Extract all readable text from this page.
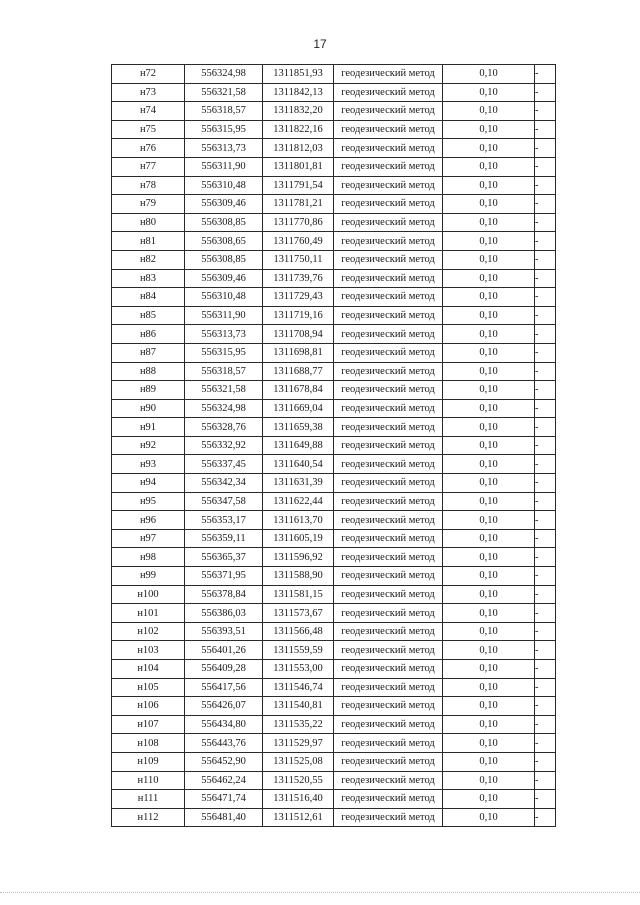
17
н72	556324,98	1311851,93	геодезический метод	0,10	-
н73	556321,58	1311842,13	геодезический метод	0,10	-
н74	556318,57	1311832,20	геодезический метод	0,10	-
н75	556315,95	1311822,16	геодезический метод	0,10	-
н76	556313,73	1311812,03	геодезический метод	0,10	-
н77	556311,90	1311801,81	геодезический метод	0,10	-
н78	556310,48	1311791,54	геодезический метод	0,10	-
н79	556309,46	1311781,21	геодезический метод	0,10	-
н80	556308,85	1311770,86	геодезический метод	0,10	-
н81	556308,65	1311760,49	геодезический метод	0,10	-
н82	556308,85	1311750,11	геодезический метод	0,10	-
н83	556309,46	1311739,76	геодезический метод	0,10	-
н84	556310,48	1311729,43	геодезический метод	0,10	-
н85	556311,90	1311719,16	геодезический метод	0,10	-
н86	556313,73	1311708,94	геодезический метод	0,10	-
н87	556315,95	1311698,81	геодезический метод	0,10	-
н88	556318,57	1311688,77	геодезический метод	0,10	-
н89	556321,58	1311678,84	геодезический метод	0,10	-
н90	556324,98	1311669,04	геодезический метод	0,10	-
н91	556328,76	1311659,38	геодезический метод	0,10	-
н92	556332,92	1311649,88	геодезический метод	0,10	-
н93	556337,45	1311640,54	геодезический метод	0,10	-
н94	556342,34	1311631,39	геодезический метод	0,10	-
н95	556347,58	1311622,44	геодезический метод	0,10	-
н96	556353,17	1311613,70	геодезический метод	0,10	-
н97	556359,11	1311605,19	геодезический метод	0,10	-
н98	556365,37	1311596,92	геодезический метод	0,10	-
н99	556371,95	1311588,90	геодезический метод	0,10	-
н100	556378,84	1311581,15	геодезический метод	0,10	-
н101	556386,03	1311573,67	геодезический метод	0,10	-
н102	556393,51	1311566,48	геодезический метод	0,10	-
н103	556401,26	1311559,59	геодезический метод	0,10	-
н104	556409,28	1311553,00	геодезический метод	0,10	-
н105	556417,56	1311546,74	геодезический метод	0,10	-
н106	556426,07	1311540,81	геодезический метод	0,10	-
н107	556434,80	1311535,22	геодезический метод	0,10	-
н108	556443,76	1311529,97	геодезический метод	0,10	-
н109	556452,90	1311525,08	геодезический метод	0,10	-
н110	556462,24	1311520,55	геодезический метод	0,10	-
н111	556471,74	1311516,40	геодезический метод	0,10	-
н112	556481,40	1311512,61	геодезический метод	0,10	-
